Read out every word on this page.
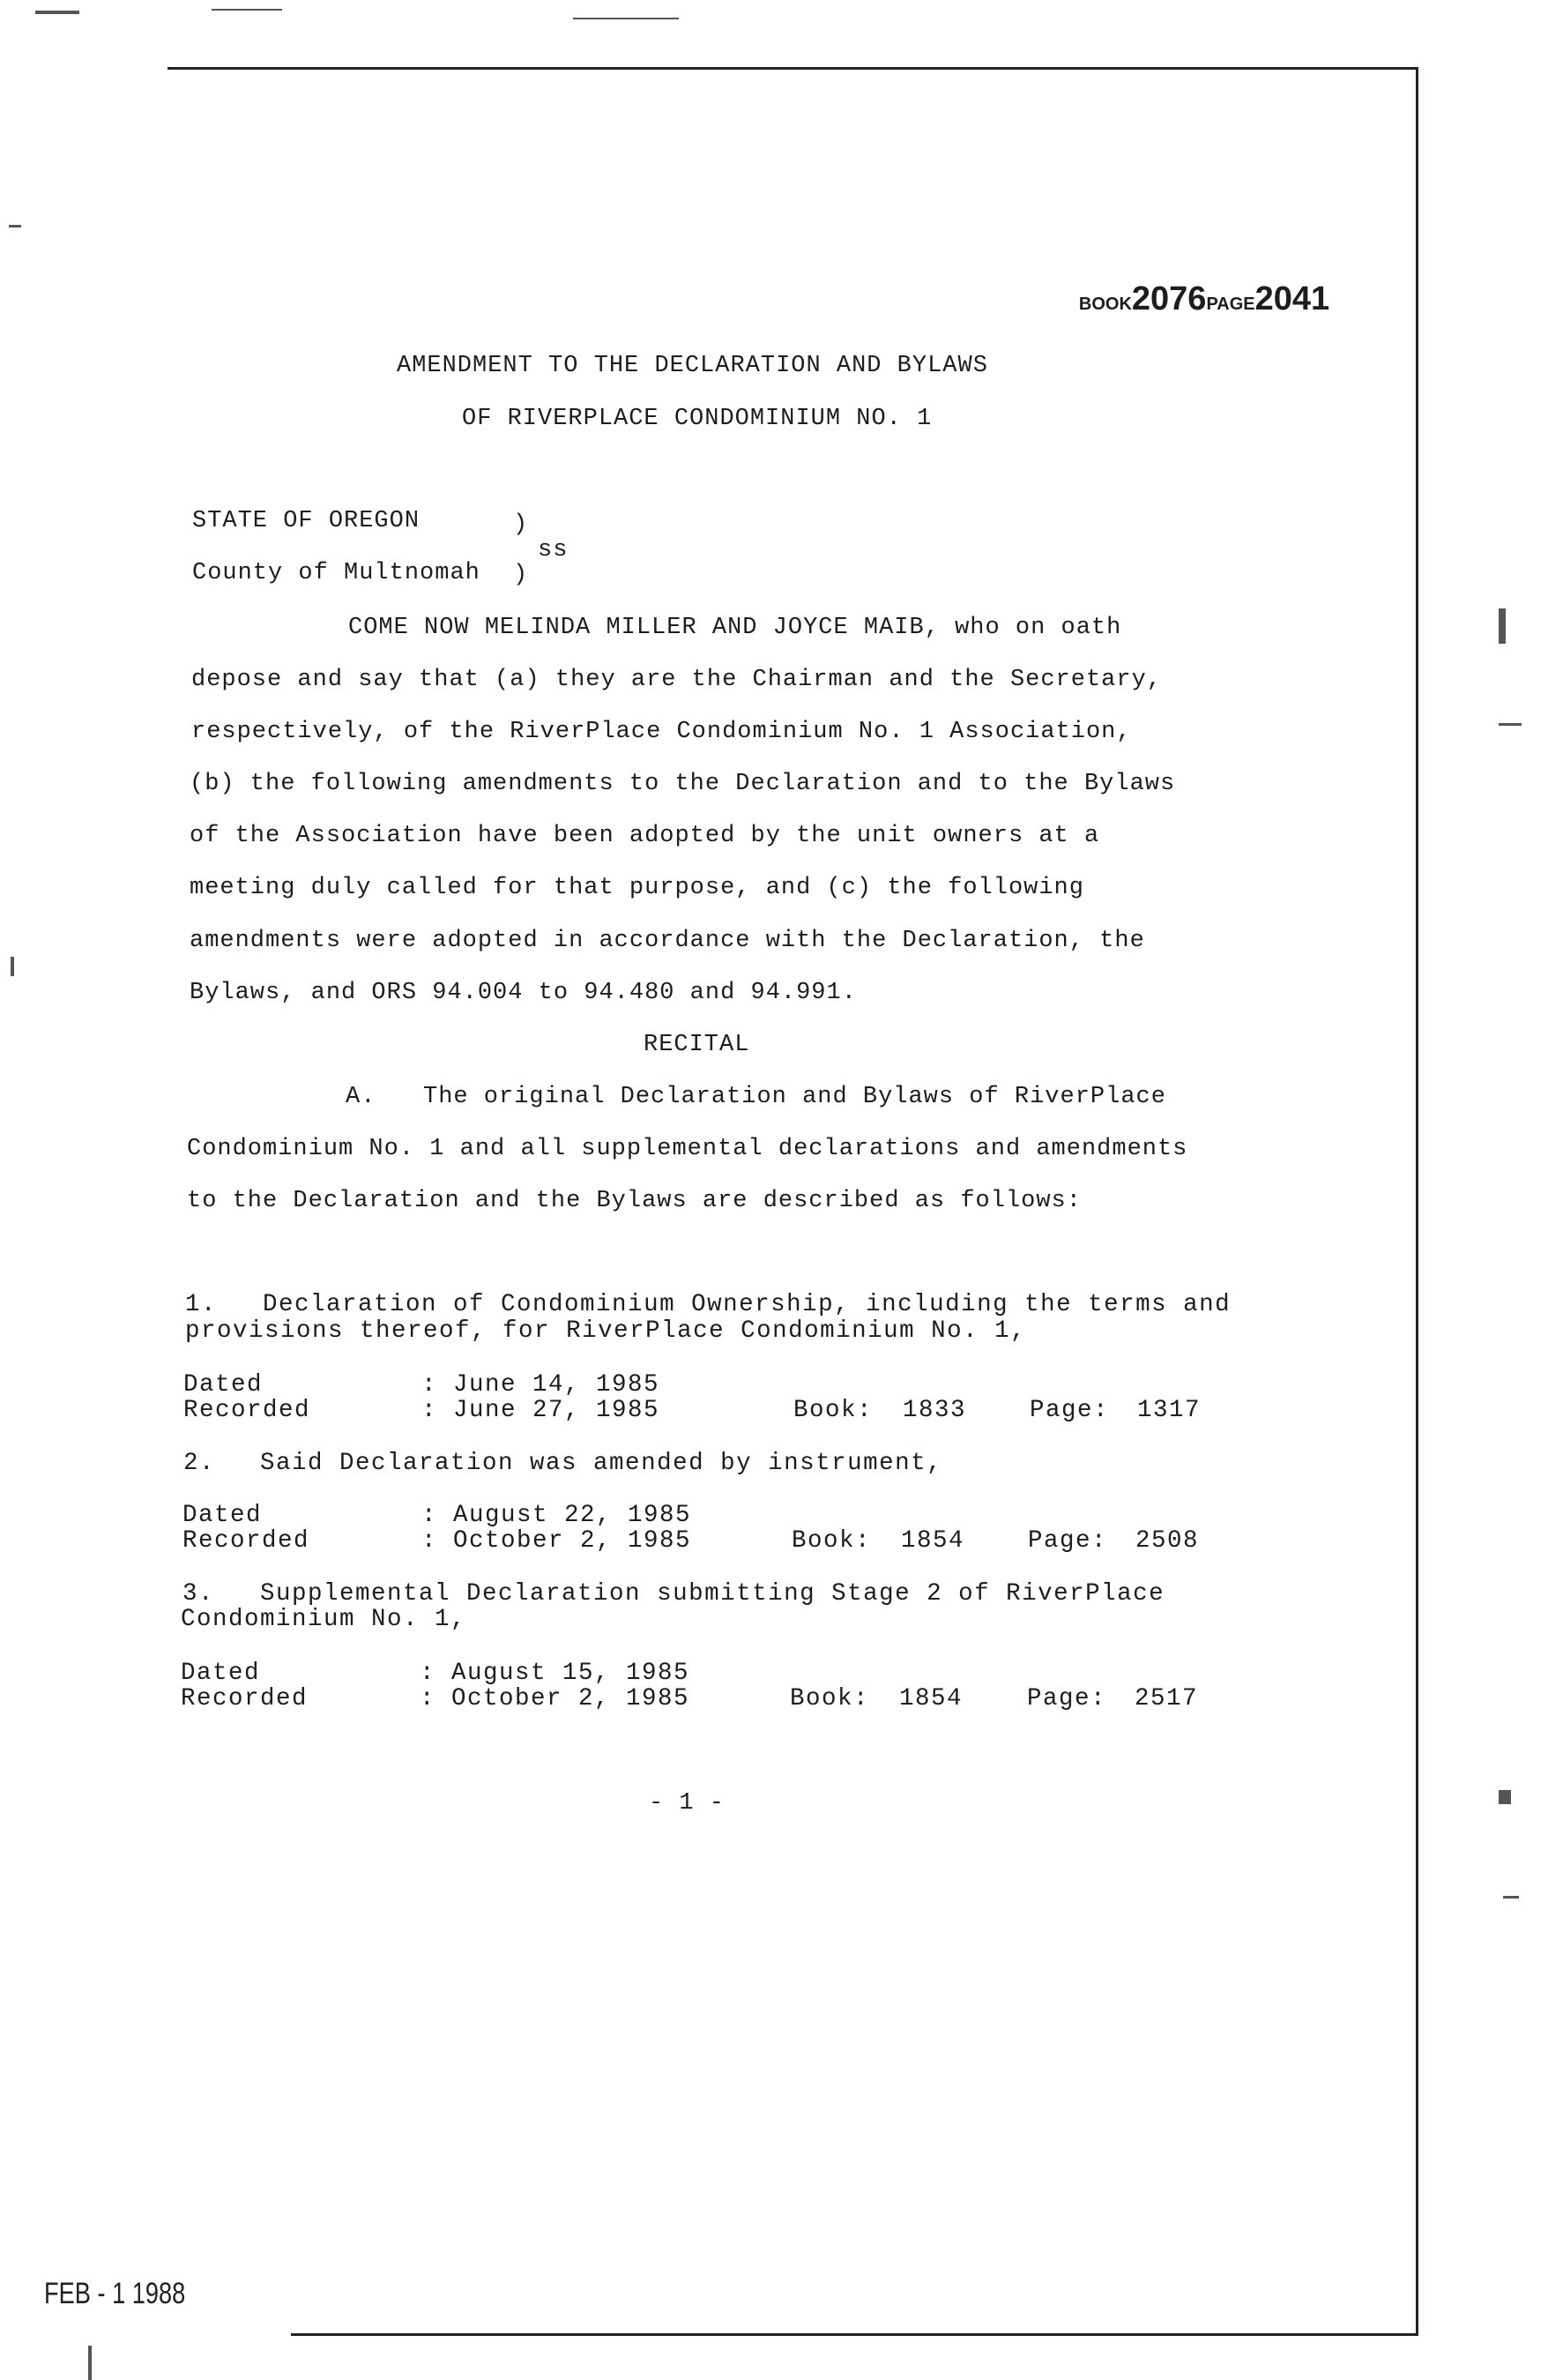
BOOK2076PAGE2041

AMENDMENT TO THE DECLARATION AND BYLAWS
OF RIVERPLACE CONDOMINIUM NO. 1
STATE OF OREGON	)
ss
County of Multnomah )
COME NOW MELINDA MILLER AND JOYCE MAIB, who on oath
depose and say that (a) they are the Chairman and the Secretary,
respectively, of the RiverPlace Condominium No. 1 Association,
(b) the following amendments to the Declaration and to the Bylaws
of the Association have been adopted by the unit owners at a
meeting duly called for that purpose, and (c) the following
amendments were adopted in accordance with the Declaration, the
Bylaws, and ORS 94.004 to 94.480 and 94.991.
RECITAL
A. The original Declaration and Bylaws of RiverPlace
Condominium No. 1 and all supplemental declarations and amendments
to the Declaration and the Bylaws are described as follows:
1. Declaration of Condominium Ownership, including the terms and
provisions thereof, for RiverPlace Condominium No. 1,
Dated	: June 14, 1985
Recorded	: June 27, 1985	Book: 1833	Page: 1317
2. Said Declaration was amended by instrument,
Dated	: August 22, 1985
Recorded	: October 2, 1985	Book: 1854	Page: 2508
3. Supplemental Declaration submitting Stage 2 of RiverPlace
Condominium No. 1,
Dated	: August 15, 1985
Recorded	: October 2, 1985	Book: 1854	Page: 2517
- 1 -
FEB - 1 1988
